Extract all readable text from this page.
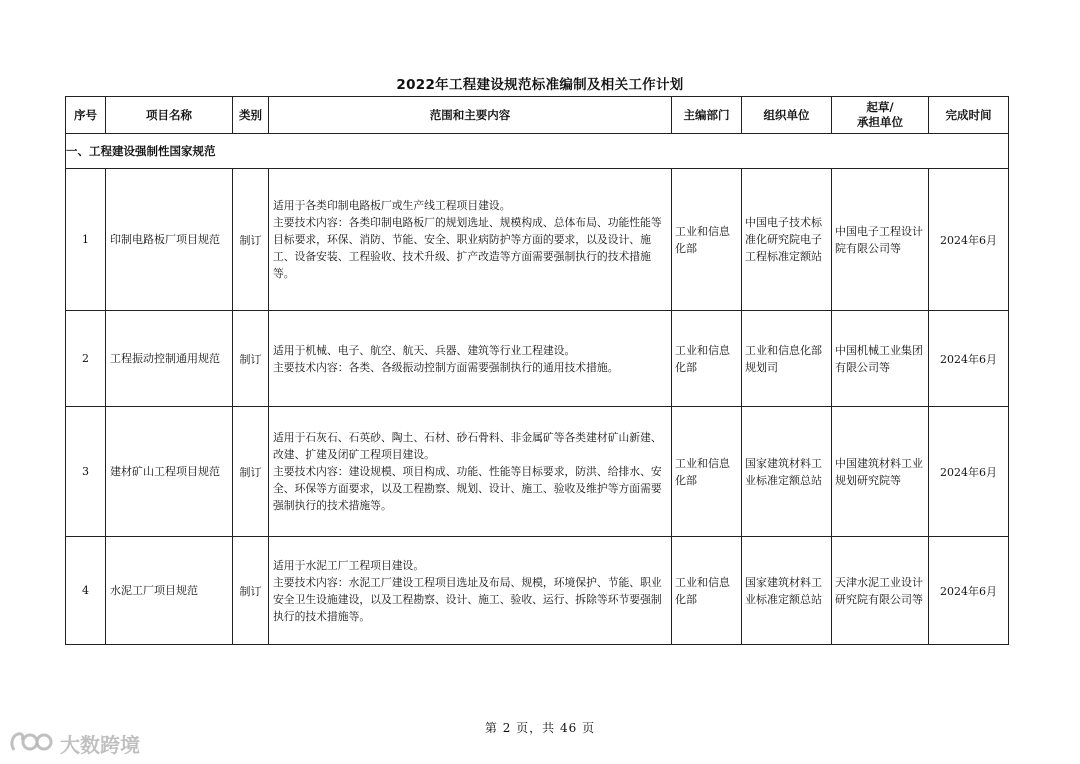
2022年工程建设规范标准编制及相关工作计划
序号	项目名称	类别	范围和主要内容	主编部门	组织单位	起草/
承担单位	完成时间
一、工程建设强制性国家规范							
1	印制电路板厂项目规范	制订	适用于各类印制电路板厂或生产线工程项目建设。
主要技术内容：各类印制电路板厂的规划选址、规模构成、总体布局、功能性能等目标要求，环保、消防、节能、安全、职业病防护等方面的要求，以及设计、施工、设备安装、工程验收、技术升级、扩产改造等方面需要强制执行的技术措施等。	工业和信息化部	中国电子技术标准化研究院电子工程标准定额站	中国电子工程设计院有限公司等	2024年6月
2	工程振动控制通用规范	制订	适用于机械、电子、航空、航天、兵器、建筑等行业工程建设。
主要技术内容：各类、各级振动控制方面需要强制执行的通用技术措施。	工业和信息化部	工业和信息化部规划司	中国机械工业集团有限公司等	2024年6月
3	建材矿山工程项目规范	制订	适用于石灰石、石英砂、陶土、石材、砂石骨料、非金属矿等各类建材矿山新建、改建、扩建及闭矿工程项目建设。
主要技术内容：建设规模、项目构成、功能、性能等目标要求，防洪、给排水、安全、环保等方面要求，以及工程勘察、规划、设计、施工、验收及维护等方面需要强制执行的技术措施等。	工业和信息化部	国家建筑材料工业标准定额总站	中国建筑材料工业规划研究院等	2024年6月
4	水泥工厂项目规范	制订	适用于水泥工厂工程项目建设。
主要技术内容：水泥工厂建设工程项目选址及布局、规模，环境保护、节能、职业安全卫生设施建设，以及工程勘察、设计、施工、验收、运行、拆除等环节要强制执行的技术措施等。	工业和信息化部	国家建筑材料工业标准定额总站	天津水泥工业设计研究院有限公司等	2024年6月
第 2 页，共 46 页
大数跨境
